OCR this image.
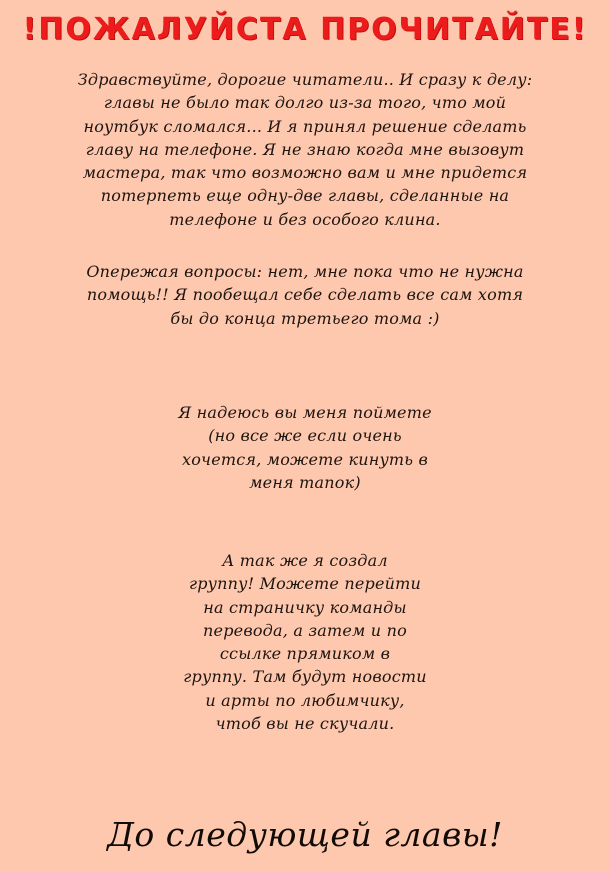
!ПОЖАЛУЙСТА ПРОЧИТАЙТЕ!
Здравствуйте, дорогие читатели.. И сразу к делу:
главы не было так долго из-за того, что мой
ноутбук сломался... И я принял решение сделать
главу на телефоне. Я не знаю когда мне вызовут
мастера, так что возможно вам и мне придется
потерпеть еще одну-две главы, сделанные на
телефоне и без особого клина.
Опережая вопросы: нет, мне пока что не нужна
помощь!! Я пообещал себе сделать все сам хотя
бы до конца третьего тома :)
Я надеюсь вы меня поймете
(но все же если очень
хочется, можете кинуть в
меня тапок)
А так же я создал
группу! Можете перейти
на страничку команды
перевода, а затем и по
ссылке прямиком в
группу. Там будут новости
и арты по любимчику,
чтоб вы не скучали.
До следующей главы!
